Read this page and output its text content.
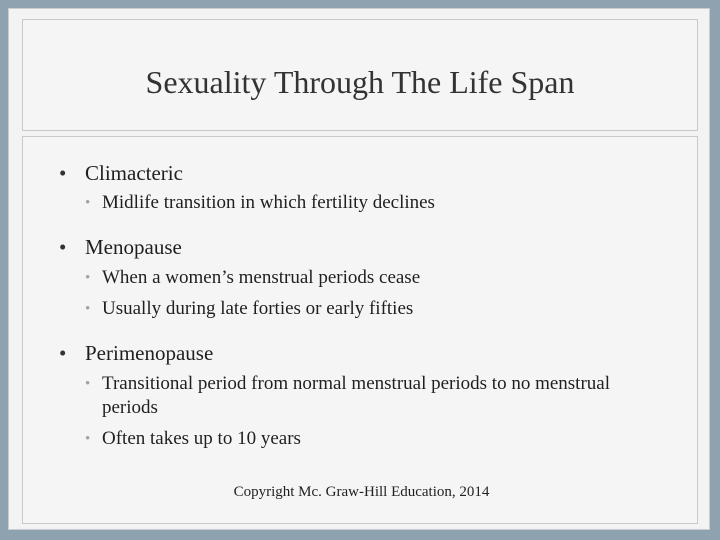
Sexuality Through The Life Span
• Climacteric
• Midlife transition in which fertility declines
• Menopause
• When a women’s menstrual periods cease
• Usually during late forties or early fifties
• Perimenopause
• Transitional period from normal menstrual periods to no menstrual periods
• Often takes up to 10 years
Copyright Mc. Graw-Hill Education, 2014
